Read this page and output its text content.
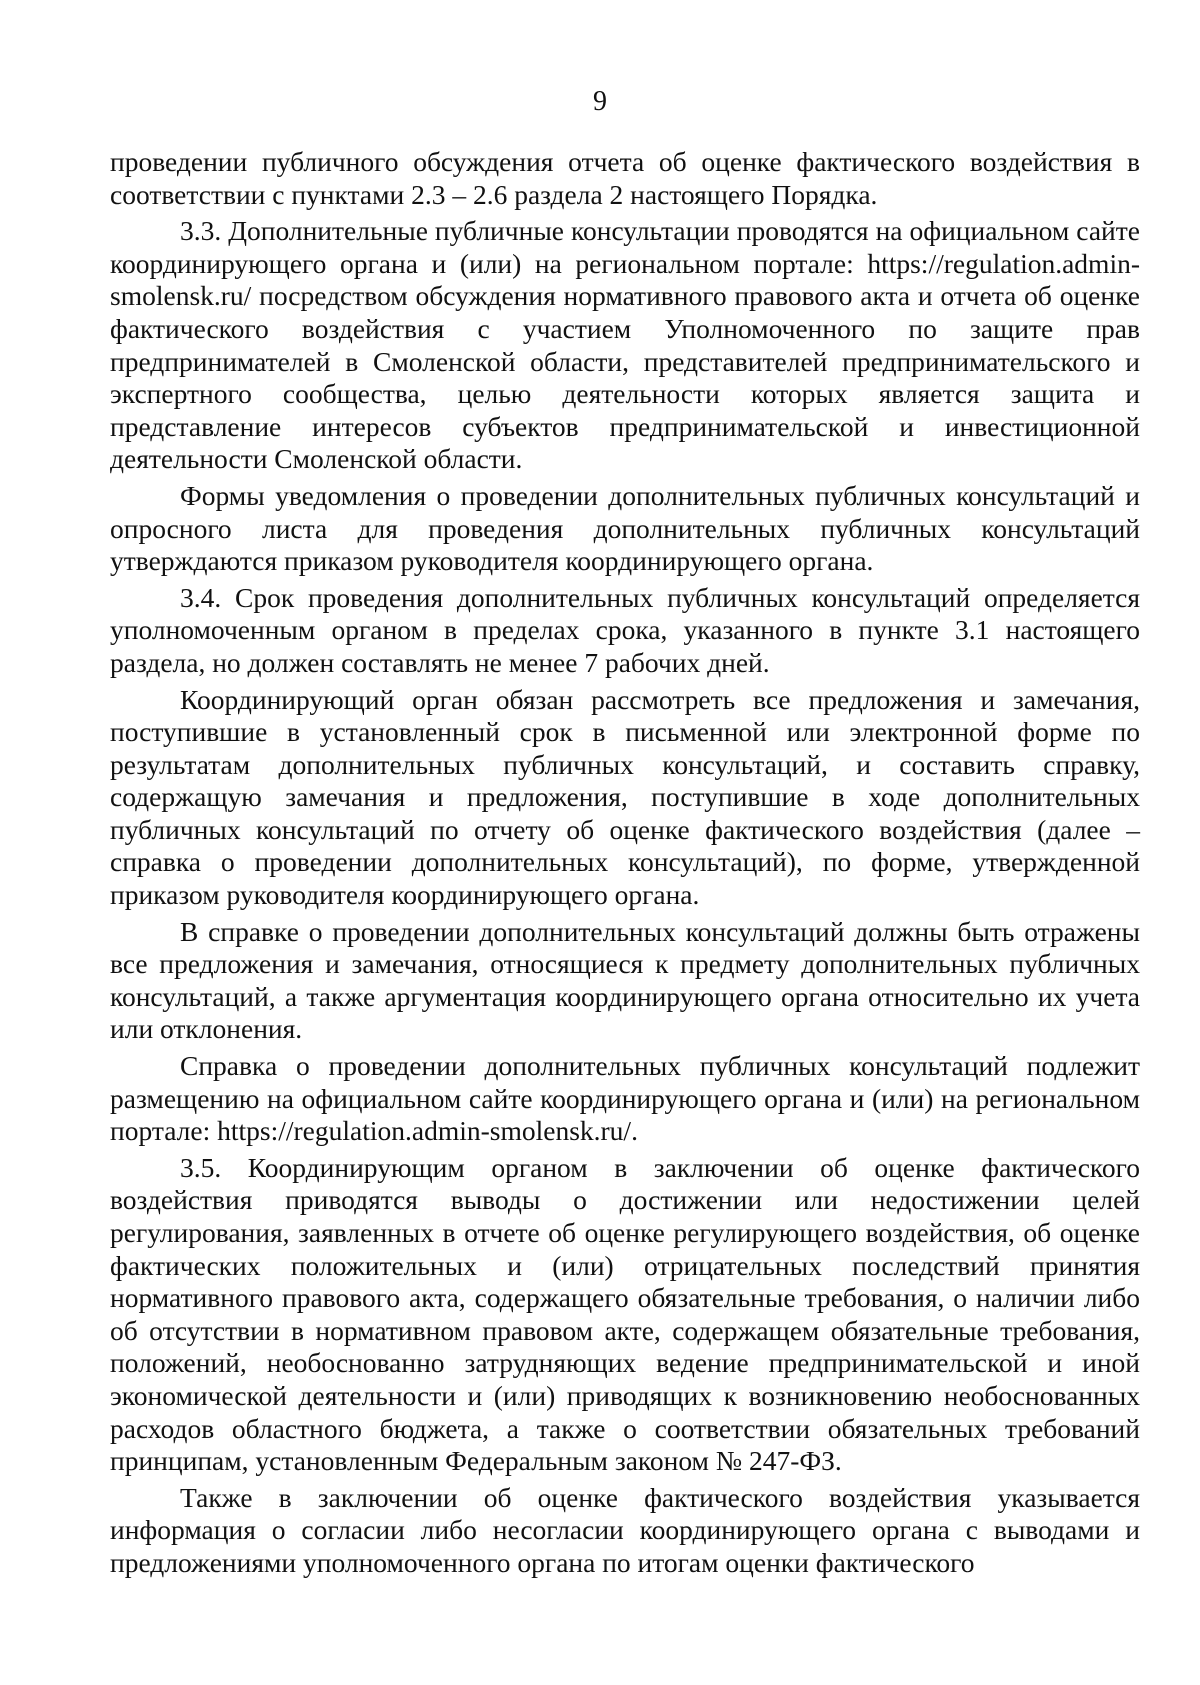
9

проведении публичного обсуждения отчета об оценке фактического воздействия в соответствии с пунктами 2.3 – 2.6 раздела 2 настоящего Порядка.

3.3. Дополнительные публичные консультации проводятся на официальном сайте координирующего органа и (или) на региональном портале: https://regulation.admin-smolensk.ru/ посредством обсуждения нормативного правового акта и отчета об оценке фактического воздействия с участием Уполномоченного по защите прав предпринимателей в Смоленской области, представителей предпринимательского и экспертного сообщества, целью деятельности которых является защита и представление интересов субъектов предпринимательской и инвестиционной деятельности Смоленской области.

Формы уведомления о проведении дополнительных публичных консультаций и опросного листа для проведения дополнительных публичных консультаций утверждаются приказом руководителя координирующего органа.

3.4. Срок проведения дополнительных публичных консультаций определяется уполномоченным органом в пределах срока, указанного в пункте 3.1 настоящего раздела, но должен составлять не менее 7 рабочих дней.

Координирующий орган обязан рассмотреть все предложения и замечания, поступившие в установленный срок в письменной или электронной форме по результатам дополнительных публичных консультаций, и составить справку, содержащую замечания и предложения, поступившие в ходе дополнительных публичных консультаций по отчету об оценке фактического воздействия (далее – справка о проведении дополнительных консультаций), по форме, утвержденной приказом руководителя координирующего органа.

В справке о проведении дополнительных консультаций должны быть отражены все предложения и замечания, относящиеся к предмету дополнительных публичных консультаций, а также аргументация координирующего органа относительно их учета или отклонения.

Справка о проведении дополнительных публичных консультаций подлежит размещению на официальном сайте координирующего органа и (или) на региональном портале: https://regulation.admin-smolensk.ru/.

3.5. Координирующим органом в заключении об оценке фактического воздействия приводятся выводы о достижении или недостижении целей регулирования, заявленных в отчете об оценке регулирующего воздействия, об оценке фактических положительных и (или) отрицательных последствий принятия нормативного правового акта, содержащего обязательные требования, о наличии либо об отсутствии в нормативном правовом акте, содержащем обязательные требования, положений, необоснованно затрудняющих ведение предпринимательской и иной экономической деятельности и (или) приводящих к возникновению необоснованных расходов областного бюджета, а также о соответствии обязательных требований принципам, установленным Федеральным законом № 247-ФЗ.

Также в заключении об оценке фактического воздействия указывается информация о согласии либо несогласии координирующего органа с выводами и предложениями уполномоченного органа по итогам оценки фактического
